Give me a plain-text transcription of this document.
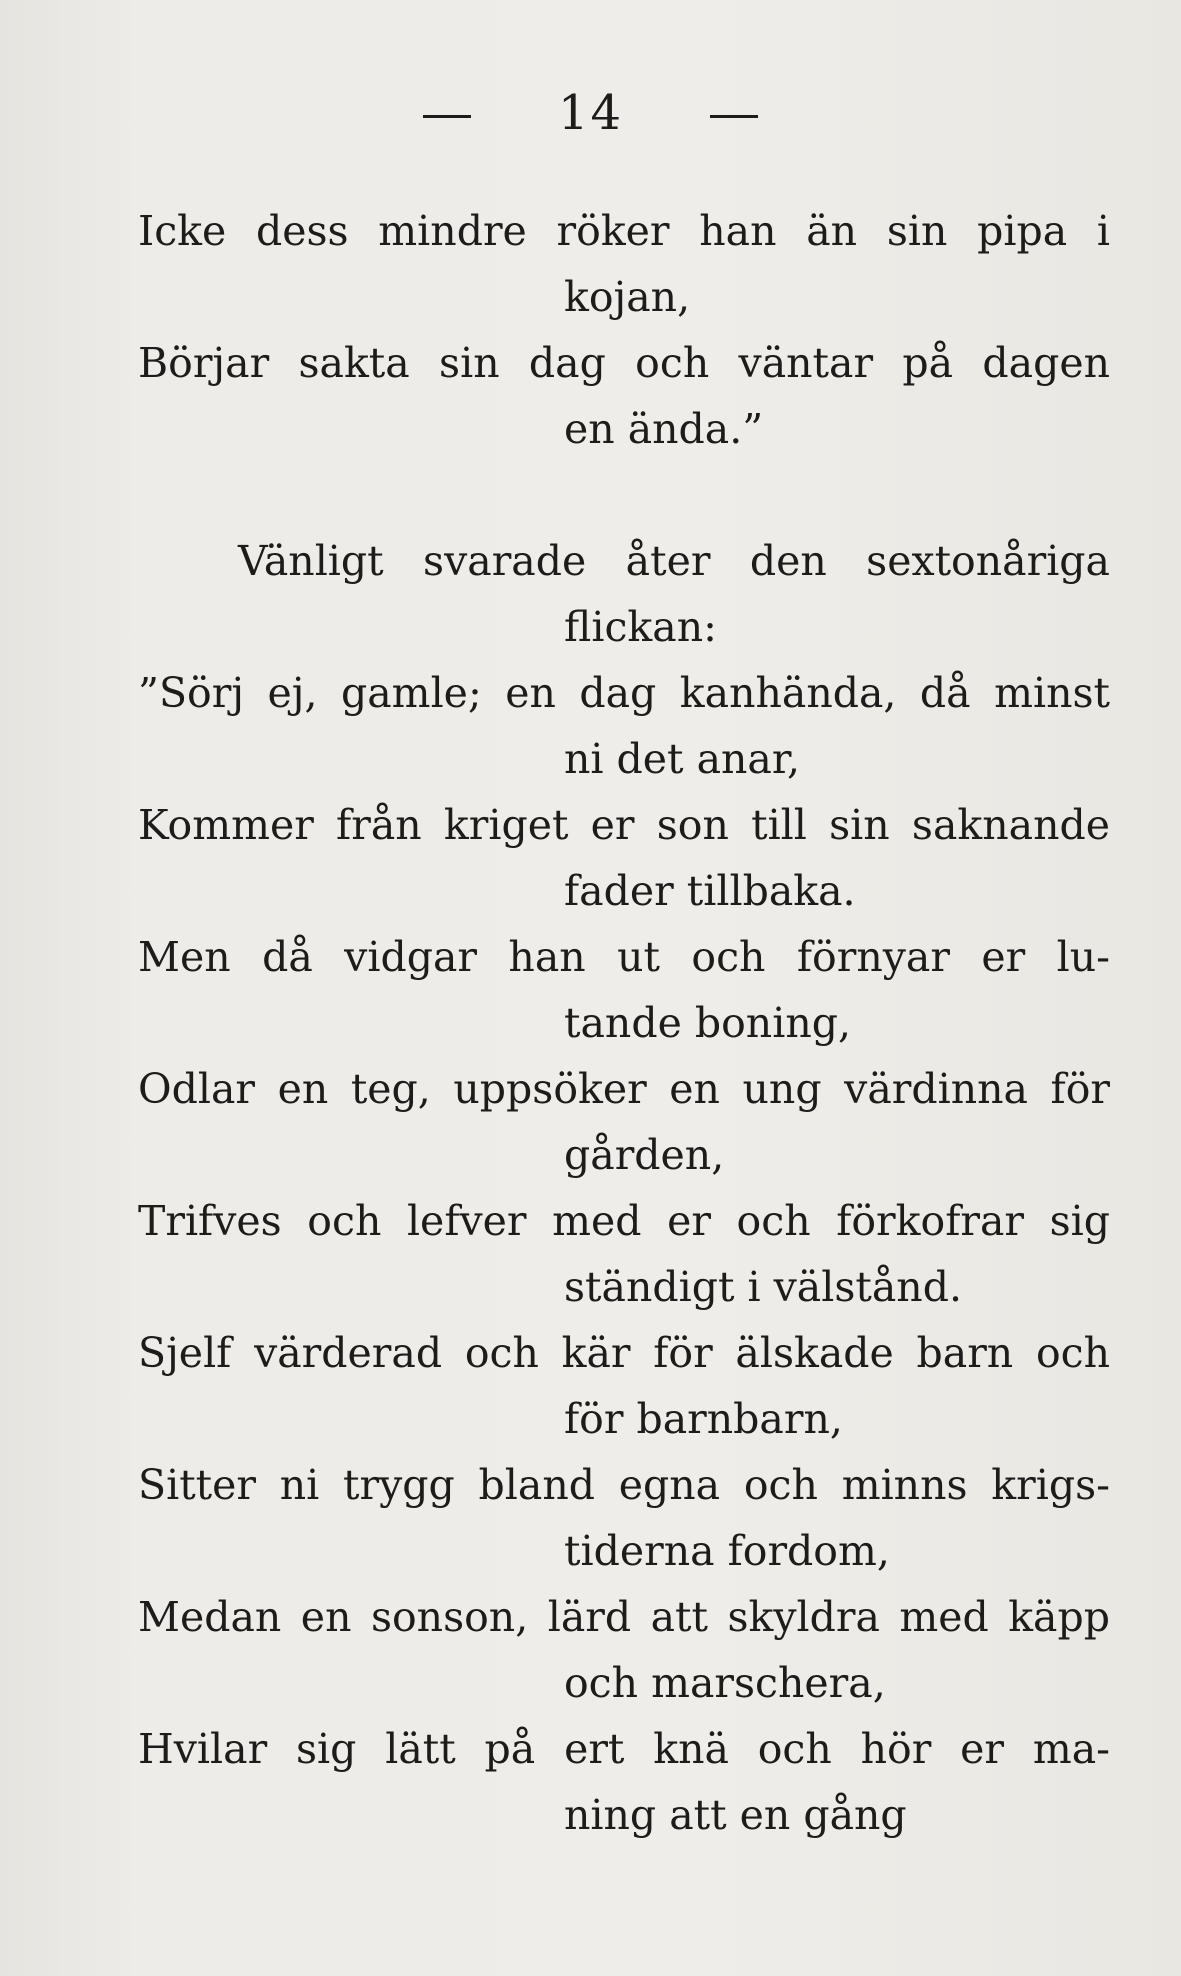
14
Icke dess mindre röker han än sin pipa i
kojan,
Börjar sakta sin dag och väntar på dagen
en ända.”
Vänligt svarade åter den sextonåriga
flickan:
”Sörj ej, gamle; en dag kanhända, då minst
ni det anar,
Kommer från kriget er son till sin saknande
fader tillbaka.
Men då vidgar han ut och förnyar er lu-
tande boning,
Odlar en teg, uppsöker en ung värdinna för
gården,
Trifves och lefver med er och förkofrar sig
ständigt i välstånd.
Sjelf värderad och kär för älskade barn och
för barnbarn,
Sitter ni trygg bland egna och minns krigs-
tiderna fordom,
Medan en sonson, lärd att skyldra med käpp
och marschera,
Hvilar sig lätt på ert knä och hör er ma-
ning att en gång
